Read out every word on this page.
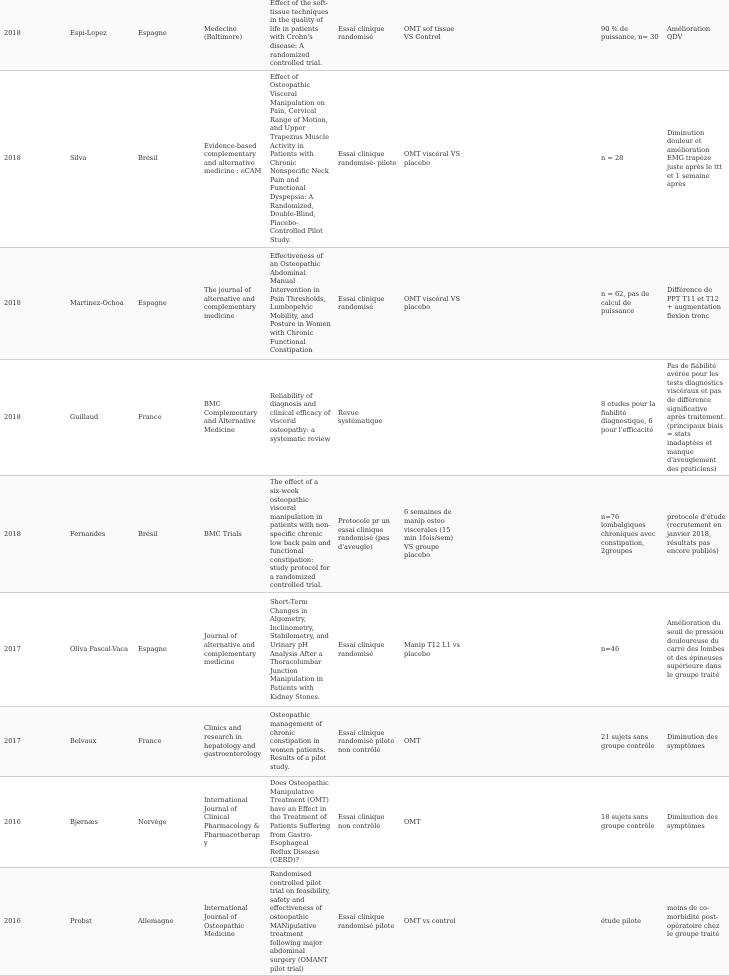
2018	Espi-Lopez	Espagne	Medecine (Baltimore)	Effect of the soft-tissue techniques in the quality of life in patients with Crohn's disease: A randomized controlled trial.	Essai clinique randomisé	OMT sof tissue VS Control		90 % de puissance, n= 30	Amélioration QDV
2018	Silva	Brésil	Evidence-based complementary and alternative medicine : eCAM	Effect of Osteopathic Visceral Manipulation on Pain, Cervical Range of Motion, and Upper Trapezius Muscle Activity in Patients with Chronic Nonspecific Neck Pain and Functional Dyspepsia: A Randomized, Double-Blind, Placebo-Controlled Pilot Study.	Essai clinique randomisé- pilote	OMT viscéral VS placebo		n = 28	Diminution douleur et amélioration EMG trapèze juste après le ttt et 1 semaine après
2018	Martinez-Ochoa	Espagne	The journal of alternative and complementary medicine	Effectiveness of an Osteopathic Abdominal Manual Intervention in Pain Thresholds, Lumbopelvic Mobility, and Posture in Women with Chronic Functional Constipation	Essai clinique randomisé	OMT viscéral VS placebo		n = 62, pas de calcul de puissance	Différence de PPT T11 et T12 + augmentation flexion tronc
2018	Guillaud	France	BMC Complementary and Alternative Medicine	Reliability of diagnosis and clinical efficacy of visceral osteopathy: a systematic review	Revue systématique			8 etudes pour la fiabilité diagnostique, 6 pour l'efficacité	Pas de fiabilité avérée pour les tests diagnostics viscéraux et pas de différence significative après traitement. (principaux biais = stats inadaptées et manque d'aveuglement des praticiens)
2018	Fernandes	Brésil	BMC Trials	The effect of a six-week osteopathic visceral manipulation in patients with non-specific chronic low back pain and functional constipation: study protocol for a randomized controlled trial.	Protocole pr un essai clinique randomisé (pas d'aveugle)	6 semaines de manip osteo viscerales (15 min 1fois/sem) VS groupe placebo		n=76 lombalgiques chroniques avec constipation, 2groupes	protocole d'étude (recrutement en janvier 2018, résultats pas encore publiés)
2017	Oliva Pascal-Vaca	Espagne	Journal of alternative and complementary medicine	Short-Term Changes in Algometry, Inclinometry, Stabilometry, and Urinary pH Analysis After a Thoracolumbar Junction Manipulation in Patients with Kidney Stones.	Essai clinique randomisé	Manip T12 L1 vs placebo		n=46	Amélioration du seuil de pression douloureuse du carré des lombes et des épineuses supérieure dans le groupe traité
2017	Belvaux	France	Clinics and research in hepatology and gastroenterology	Osteopathic management of chronic constipation in women patients. Results of a pilot study.	Essai clinique randomisé pilote non contrôlé	OMT		21 sujets sans groupe contrôle	Diminution des symptômes
2016	Bjørnæs	Norvège	International Journal of Clinical Pharmacology & Pharmacotherapy	Does Osteopathic Manipulative Treatment (OMT) have an Effect in the Treatment of Patients Suffering from Gastro-Esophageal Reflux Disease (GERD)?	Essai clinique non contrôlé	OMT		18 sujets sans groupe contrôle	Diminution des symptômes
2016	Probst	Allemagne	International Journal of Osteopathic Medicine	Randomised controlled pilot trial on feasibility, safety and effectiveness of osteopathic MANipulative treatment following major abdominal surgery (OMANT pilot trial)	Essai clinique randomisé pilote	OMT vs control		étude pilote	moins de co-morbidité post-opératoire chez le groupe traité
